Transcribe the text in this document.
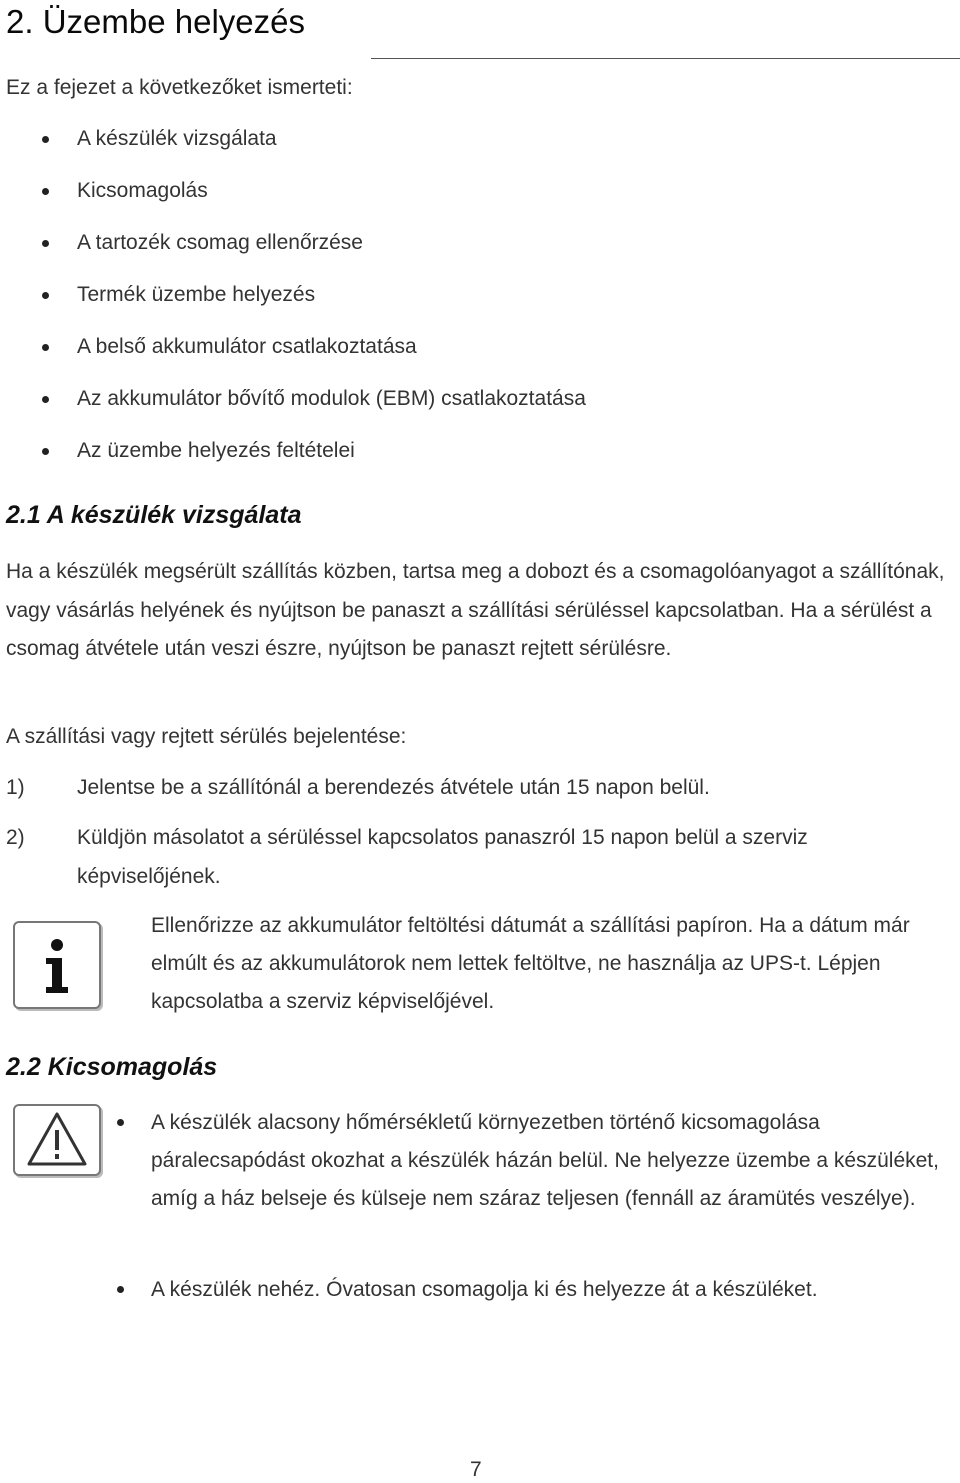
2. Üzembe helyezés
Ez a fejezet a következőket ismerteti:
A készülék vizsgálata
Kicsomagolás
A tartozék csomag ellenőrzése
Termék üzembe helyezés
A belső akkumulátor csatlakoztatása
Az akkumulátor bővítő modulok (EBM) csatlakoztatása
Az üzembe helyezés feltételei
2.1 A készülék vizsgálata

Ha a készülék megsérült szállítás közben, tartsa meg a dobozt és a csomagolóanyagot a szállítónak, vagy vásárlás helyének és nyújtson be panaszt a szállítási sérüléssel kapcsolatban. Ha a sérülést a csomag átvétele után veszi észre, nyújtson be panaszt rejtett sérülésre.

A szállítási vagy rejtett sérülés bejelentése:

1) Jelentse be a szállítónál a berendezés átvétele után 15 napon belül.
2) Küldjön másolatot a sérüléssel kapcsolatos panaszról 15 napon belül a szerviz képviselőjének.
Ellenőrizze az akkumulátor feltöltési dátumát a szállítási papíron. Ha a dátum már elmúlt és az akkumulátorok nem lettek feltöltve, ne használja az UPS-t. Lépjen kapcsolatba a szerviz képviselőjével.
2.2 Kicsomagolás
A készülék alacsony hőmérsékletű környezetben történő kicsomagolása páralecsapódást okozhat a készülék házán belül. Ne helyezze üzembe a készüléket, amíg a ház belseje és külseje nem száraz teljesen (fennáll az áramütés veszélye).
A készülék nehéz. Óvatosan csomagolja ki és helyezze át a készüléket.
7
